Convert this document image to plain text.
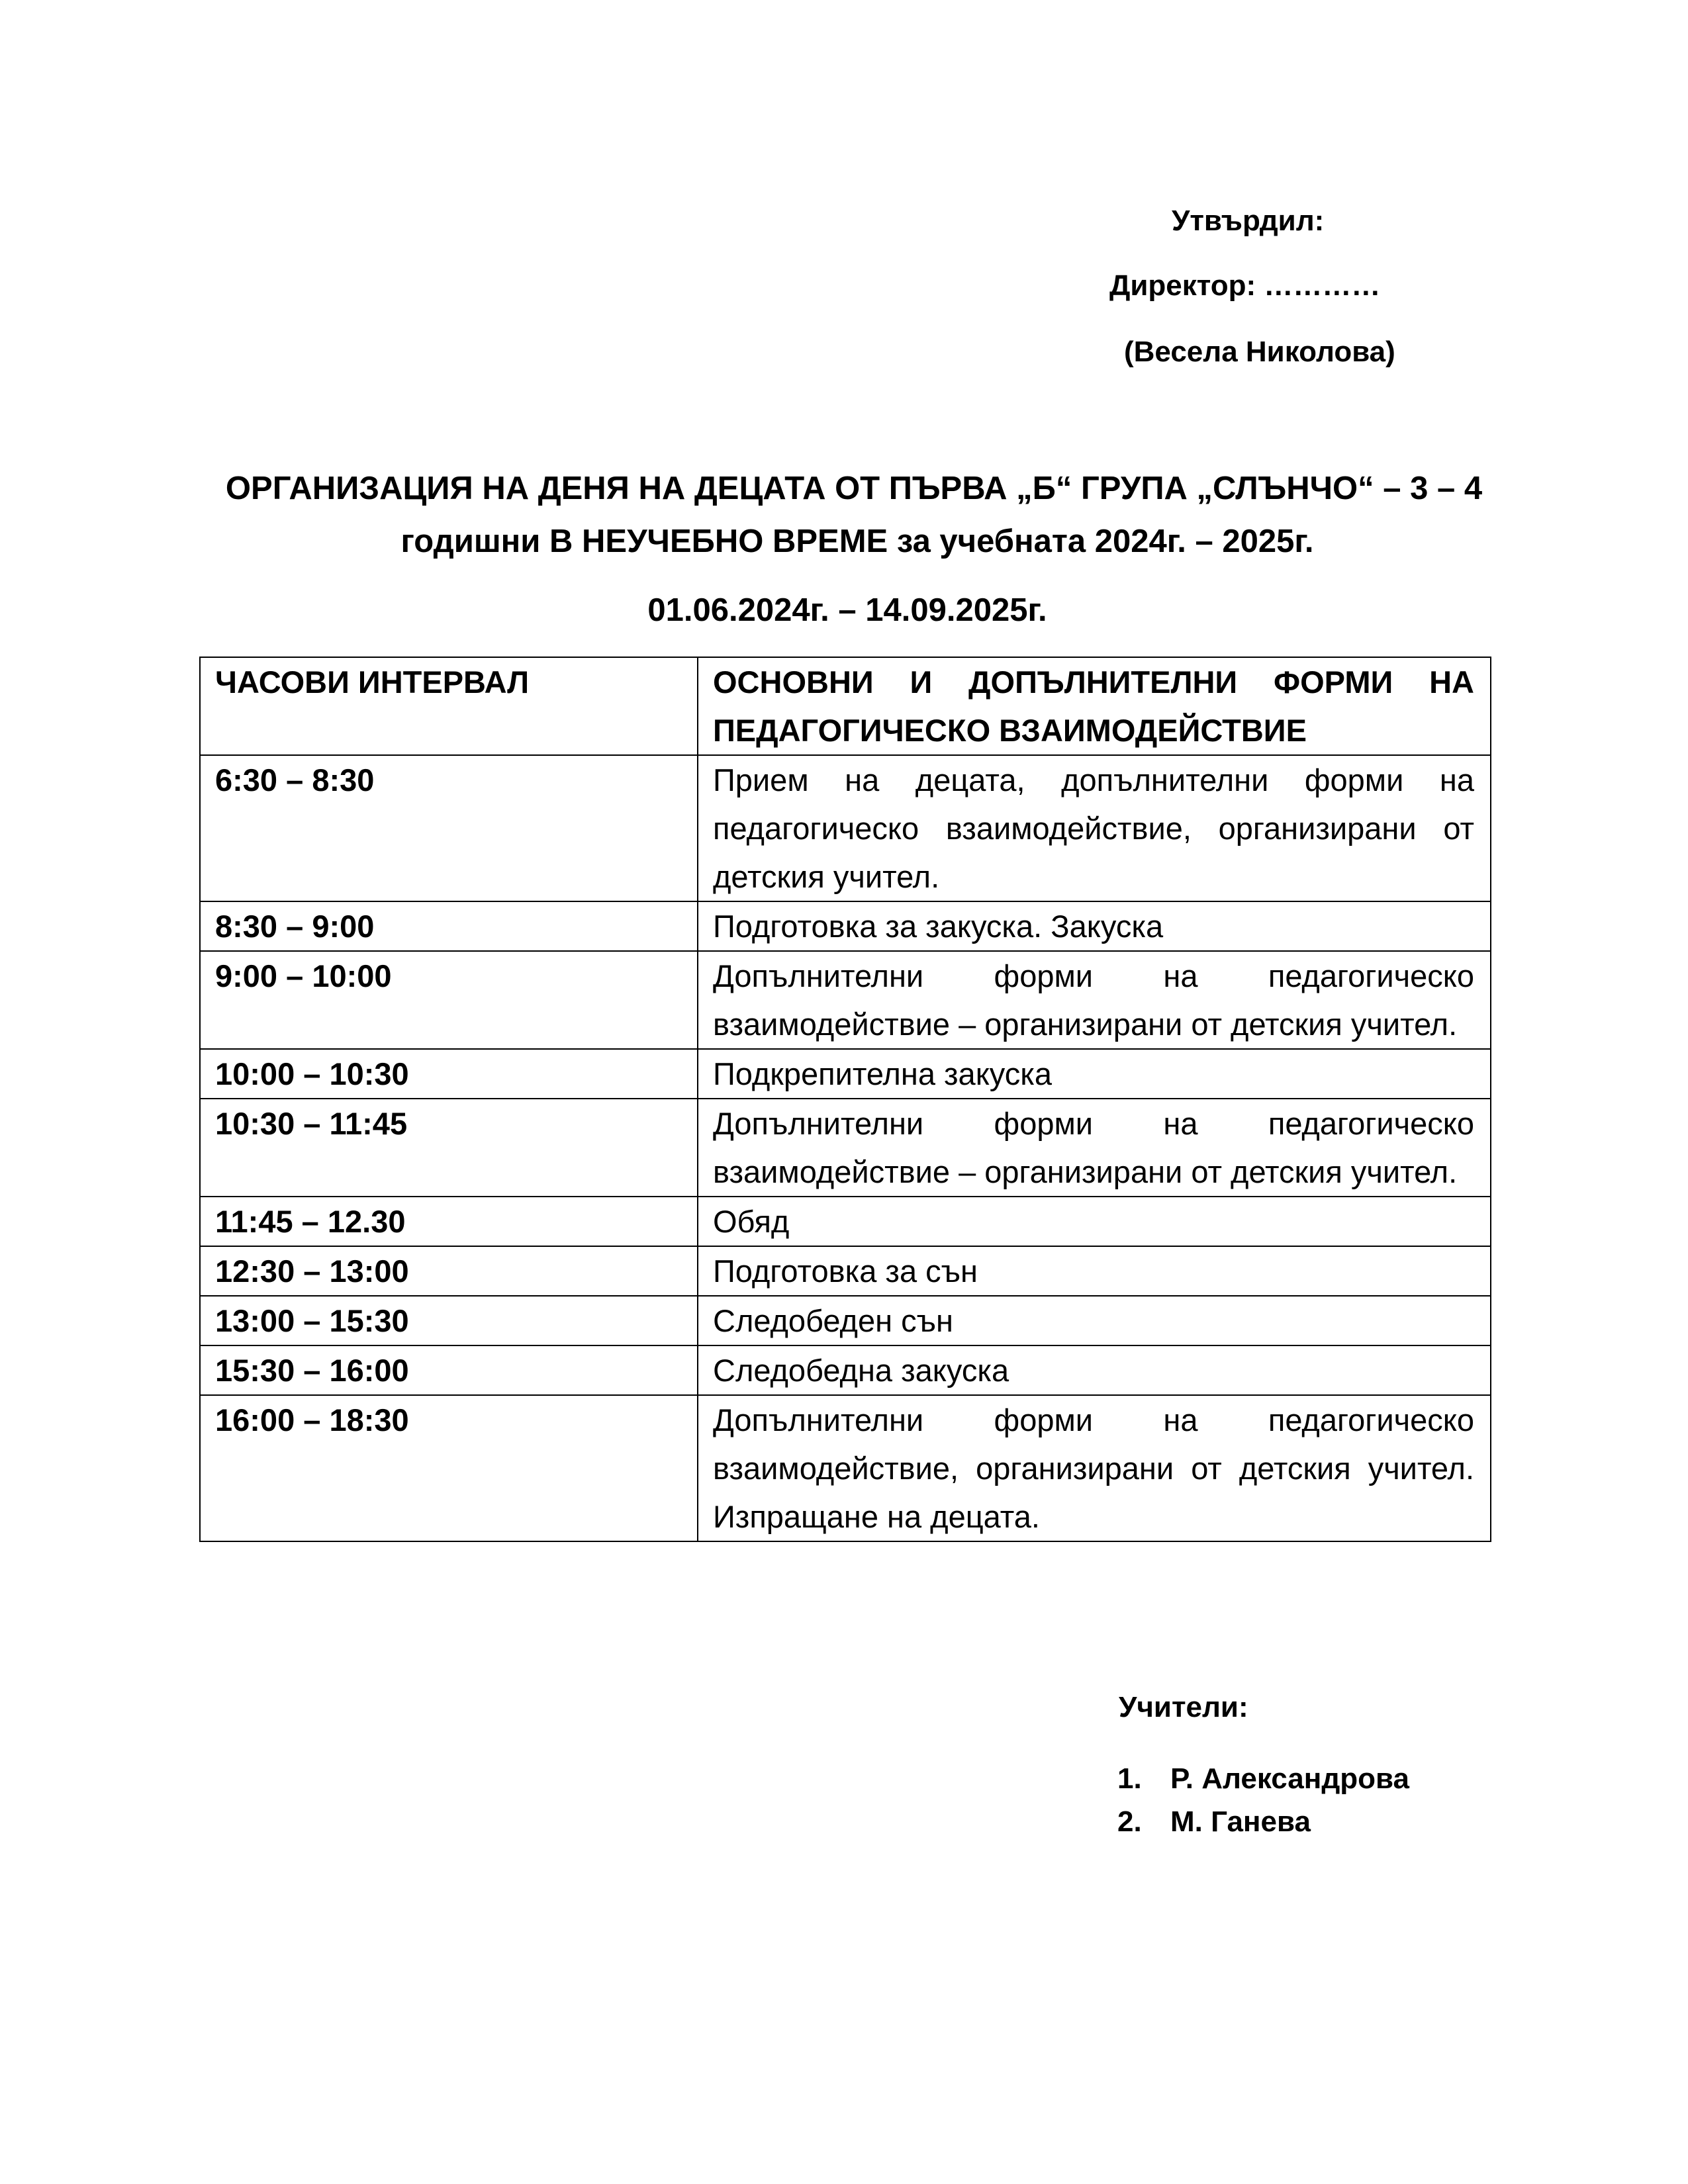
Утвърдил:
Директор: …………
(Весела Николова)
ОРГАНИЗАЦИЯ НА ДЕНЯ НА ДЕЦАТА ОТ ПЪРВА „Б“ ГРУПА „СЛЪНЧО“ – 3 – 4
годишни В НЕУЧЕБНО ВРЕМЕ за учебната 2024г. – 2025г.
01.06.2024г. – 14.09.2025г.
ЧАСОВИ ИНТЕРВАЛ	ОСНОВНИ И ДОПЪЛНИТЕЛНИ ФОРМИ НА ПЕДАГОГИЧЕСКО ВЗАИМОДЕЙСТВИЕ
6:30 – 8:30	Прием на децата, допълнителни форми на педагогическо взаимодействие, организирани от детския учител.
8:30 – 9:00	Подготовка за закуска. Закуска
9:00 – 10:00	Допълнителни форми на педагогическо взаимодействие – организирани от детския учител.
10:00 – 10:30	Подкрепителна закуска
10:30 – 11:45	Допълнителни форми на педагогическо взаимодействие – организирани от детския учител.
11:45 – 12.30	Обяд
12:30 – 13:00	Подготовка за сън
13:00 – 15:30	Следобеден сън
15:30 – 16:00	Следобедна закуска
16:00 – 18:30	Допълнителни форми на педагогическо взаимодействие, организирани от детския учител. Изпращане на децата.
Учители:
1. Р. Александрова
2. М. Ганева
